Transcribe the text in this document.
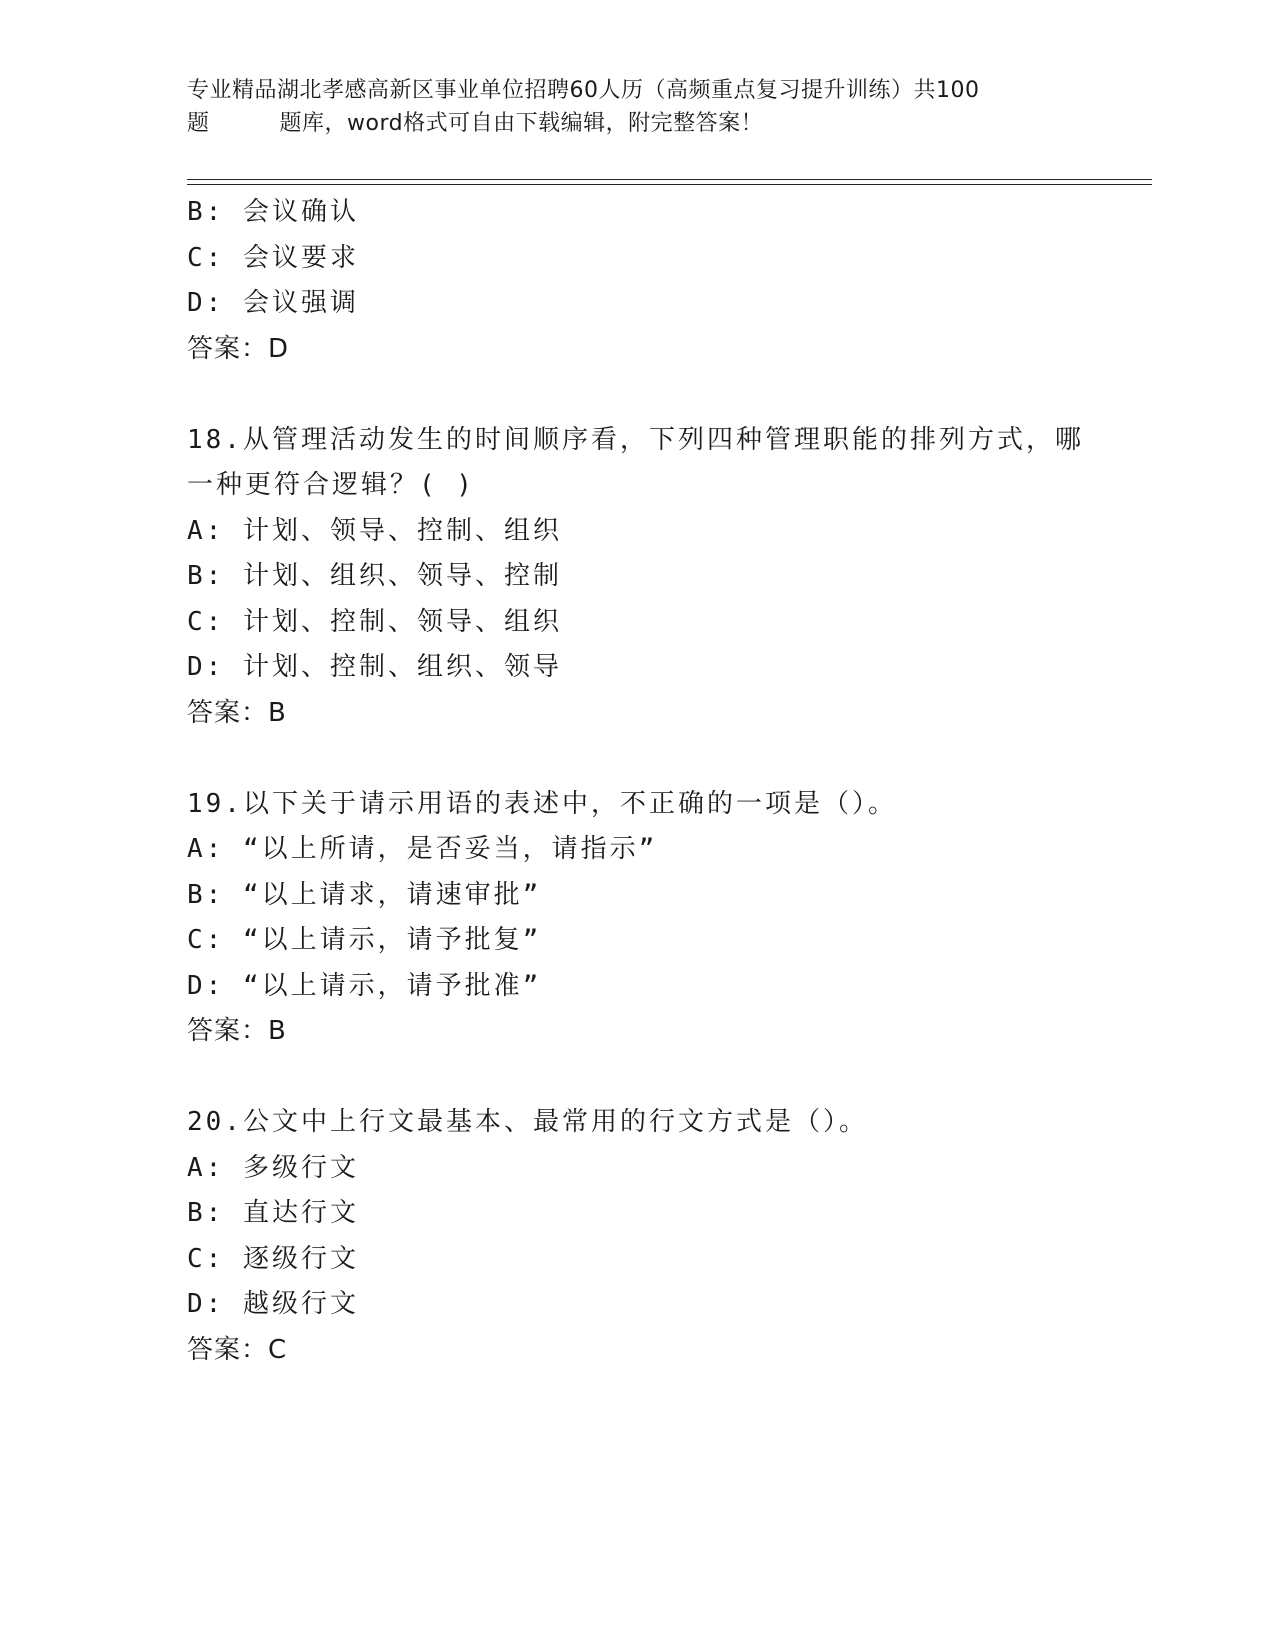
专业精品湖北孝感高新区事业单位招聘60人历（高频重点复习提升训练）共100
题	题库，word格式可自由下载编辑，附完整答案！
B: 会议确认
C: 会议要求
D: 会议强调
答案：D
18.从管理活动发生的时间顺序看，下列四种管理职能的排列方式，哪
一种更符合逻辑？( )
A: 计划、领导、控制、组织
B: 计划、组织、领导、控制
C: 计划、控制、领导、组织
D: 计划、控制、组织、领导
答案：B
19.以下关于请示用语的表述中，不正确的一项是（）。
A: “以上所请，是否妥当，请指示”
B: “以上请求，请速审批”
C: “以上请示，请予批复”
D: “以上请示，请予批准”
答案：B
20.公文中上行文最基本、最常用的行文方式是（）。
A: 多级行文
B: 直达行文
C: 逐级行文
D: 越级行文
答案：C
